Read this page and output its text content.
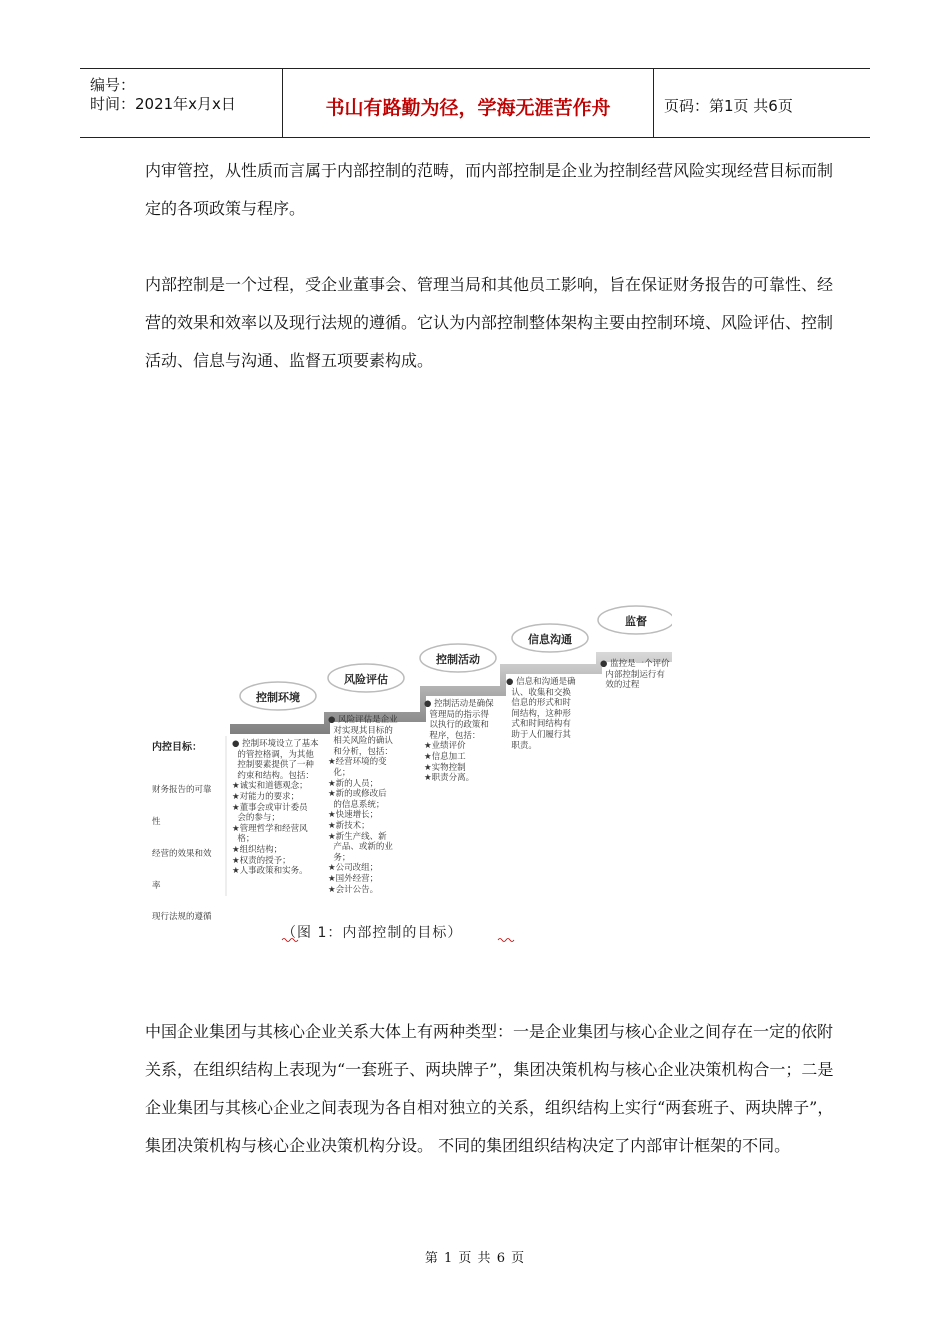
编号：
时间：2021年x月x日	书山有路勤为径，学海无涯苦作舟	页码：第1页 共6页

内审管控，从性质而言属于内部控制的范畴，而内部控制是企业为控制经营风险实现经营目标而制定的各项政策与程序。

内部控制是一个过程，受企业董事会、管理当局和其他员工影响，旨在保证财务报告的可靠性、经营的效果和效率以及现行法规的遵循。它认为内部控制整体架构主要由控制环境、风险评估、控制活动、信息与沟通、监督五项要素构成。

控制环境
风险评估
控制活动
信息沟通
监督
内控目标：

财务报告的可靠

性

经营的效果和效

率

现行法规的遵循

● 控制环境设立了基本
的管控格调，为其他
控制要素提供了一种
约束和结构。包括：
★诚实和道德观念；
★对能力的要求；
★董事会或审计委员
会的参与；
★管理哲学和经营风
格；
★组织结构；
★权责的授予；
★人事政策和实务。
● 风险评估是企业
对实现其目标的
相关风险的确认
和分析，包括：
★经营环境的变
化；
★新的人员；
★新的或修改后
的信息系统；
★快速增长；
★新技术；
★新生产线、新
产品、或新的业
务；
★公司改组；
★国外经营；
★会计公告。
● 控制活动是确保
管理局的指示得
以执行的政策和
程序，包括：
★业绩评价
★信息加工
★实物控制
★职责分离。
● 信息和沟通是确
认、收集和交换
信息的形式和时
间结构，这种形
式和时间结构有
助于人们履行其
职责。
● 监控是一个评价
内部控制运行有
效的过程
（图 1：内部控制的目标）

中国企业集团与其核心企业关系大体上有两种类型：一是企业集团与核心企业之间存在一定的依附关系，在组织结构上表现为“一套班子、两块牌子”，集团决策机构与核心企业决策机构合一；二是企业集团与其核心企业之间表现为各自相对独立的关系，组织结构上实行“两套班子、两块牌子”，集团决策机构与核心企业决策机构分设。 不同的集团组织结构决定了内部审计框架的不同。

第 1 页 共 6 页
